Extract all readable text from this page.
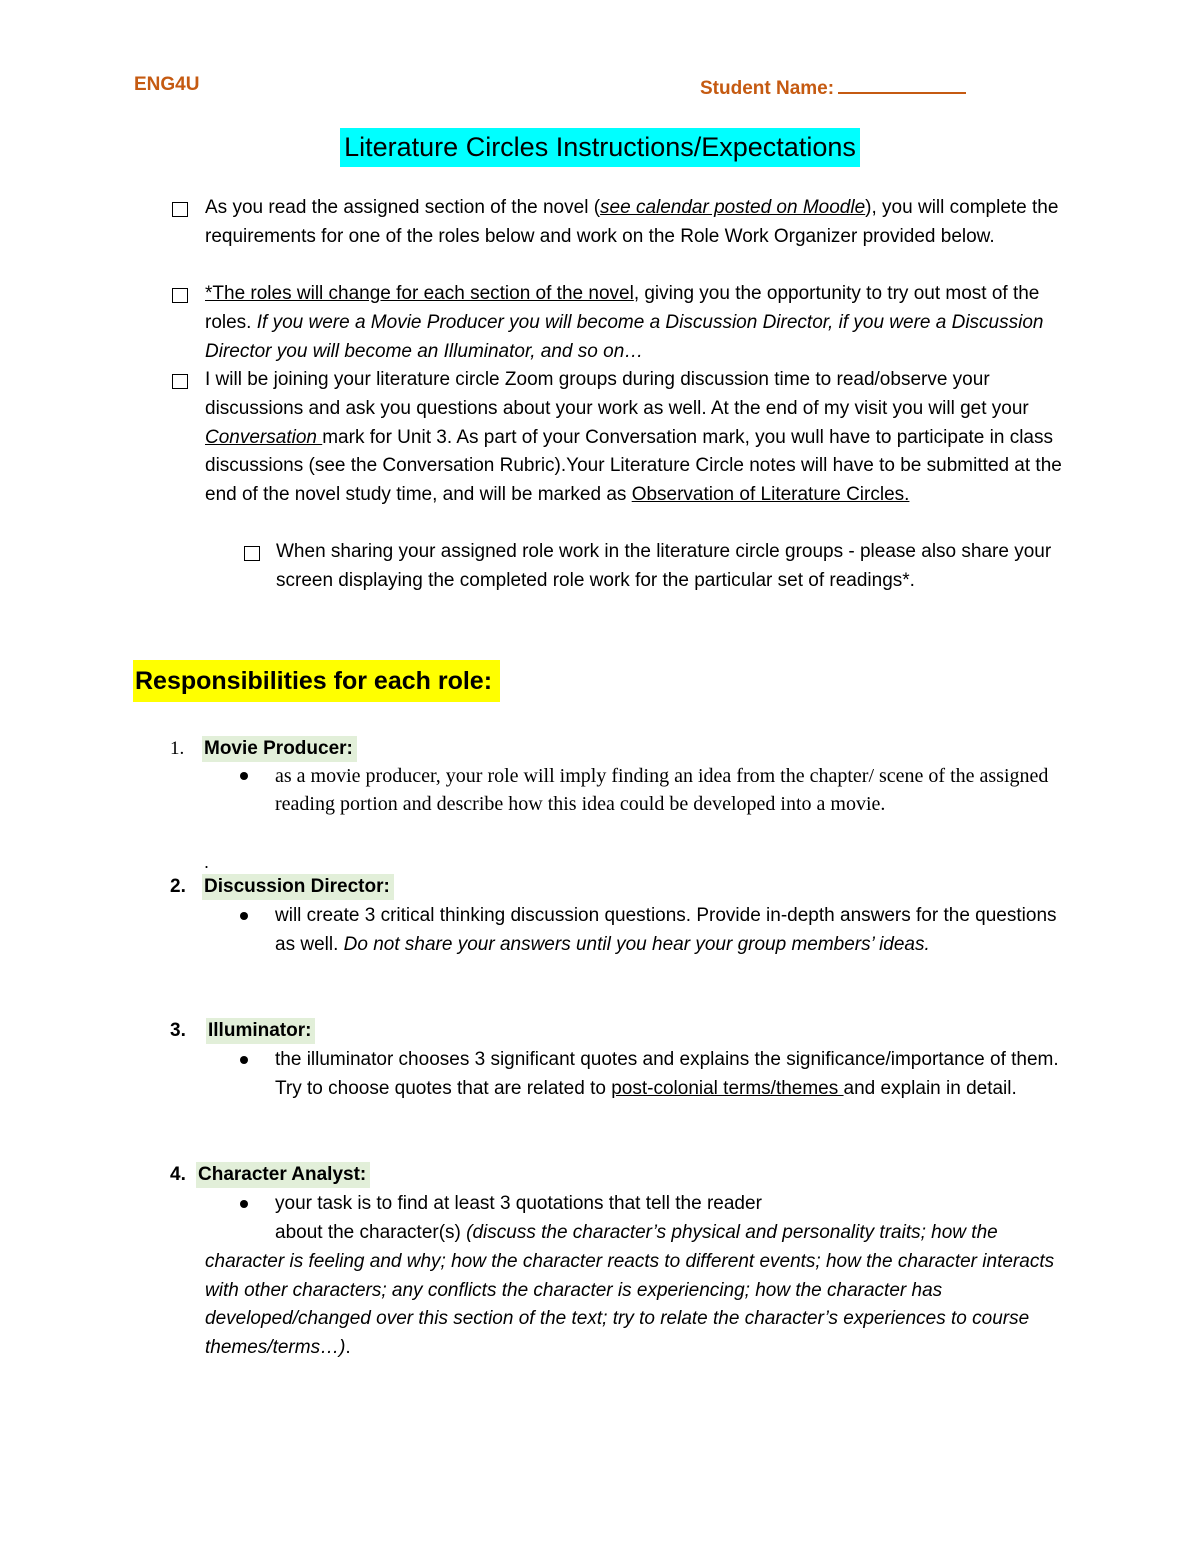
ENG4U	Student Name:
Literature Circles Instructions/Expectations
As you read the assigned section of the novel (see calendar posted on Moodle), you will complete the requirements for one of the roles below and work on the Role Work Organizer provided below.
*The roles will change for each section of the novel, giving you the opportunity to try out most of the roles. If you were a Movie Producer you will become a Discussion Director, if you were a Discussion Director you will become an Illuminator, and so on…
I will be joining your literature circle Zoom groups during discussion time to read/observe your discussions and ask you questions about your work as well. At the end of my visit you will get your Conversation mark for Unit 3. As part of your Conversation mark, you wull have to participate in class discussions (see the Conversation Rubric).Your Literature Circle notes will have to be submitted at the end of the novel study time, and will be marked as Observation of Literature Circles.
When sharing your assigned role work in the literature circle groups - please also share your screen displaying the completed role work for the particular set of readings*.
Responsibilities for each role:
1. Movie Producer:
as a movie producer, your role will imply finding an idea from the chapter/ scene of the assigned reading portion and describe how this idea could be developed into a movie.
.
2. Discussion Director:
will create 3 critical thinking discussion questions. Provide in-depth answers for the questions as well. Do not share your answers until you hear your group members’ ideas.
3. Illuminator:
the illuminator chooses 3 significant quotes and explains the significance/importance of them. Try to choose quotes that are related to post-colonial terms/themes and explain in detail.
4. Character Analyst:
your task is to find at least 3 quotations that tell the reader
about the character(s) (discuss the character’s physical and personality traits; how the character is feeling and why; how the character reacts to different events; how the character interacts with other characters; any conflicts the character is experiencing; how the character has developed/changed over this section of the text; try to relate the character’s experiences to course themes/terms…).
